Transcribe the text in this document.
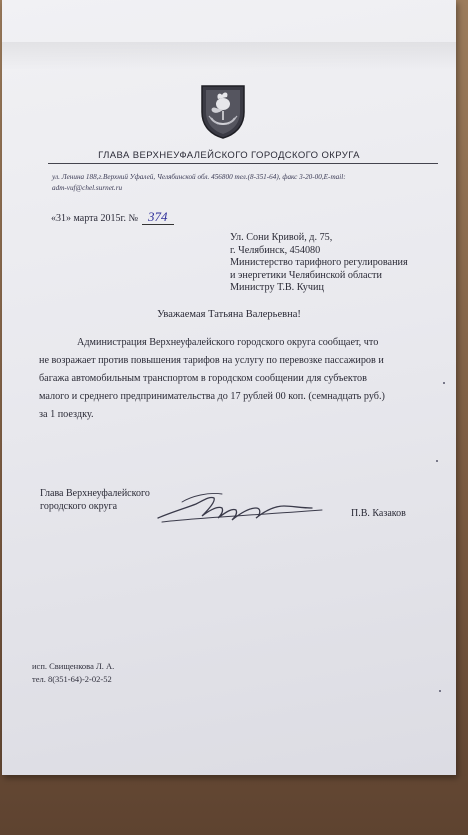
ГЛАВА ВЕРХНЕУФАЛЕЙСКОГО ГОРОДСКОГО ОКРУГА
ул. Ленина 188,г.Верхний Уфалей, Челябинской обл. 456800 тел.(8-351-64), факс 3-20-00,E-mail:
adm-vuf@chel.surnet.ru
«31» марта 2015г. № 374
Ул. Сони Кривой, д. 75,
г. Челябинск, 454080
Министерство тарифного регулирования
и энергетики Челябинской области
Министру Т.В. Кучиц
Уважаемая Татьяна Валерьевна!
Администрация Верхнеуфалейского городского округа сообщает, что
не возражает против повышения тарифов на услугу по перевозке пассажиров и
багажа автомобильным транспортом в городском сообщении для субъектов
малого и среднего предпринимательства до 17 рублей 00 коп. (семнадцать руб.)
за 1 поездку.
Глава Верхнеуфалейского
городского округа
П.В. Казаков
исп. Свищенкова Л. А.
тел. 8(351-64)-2-02-52
